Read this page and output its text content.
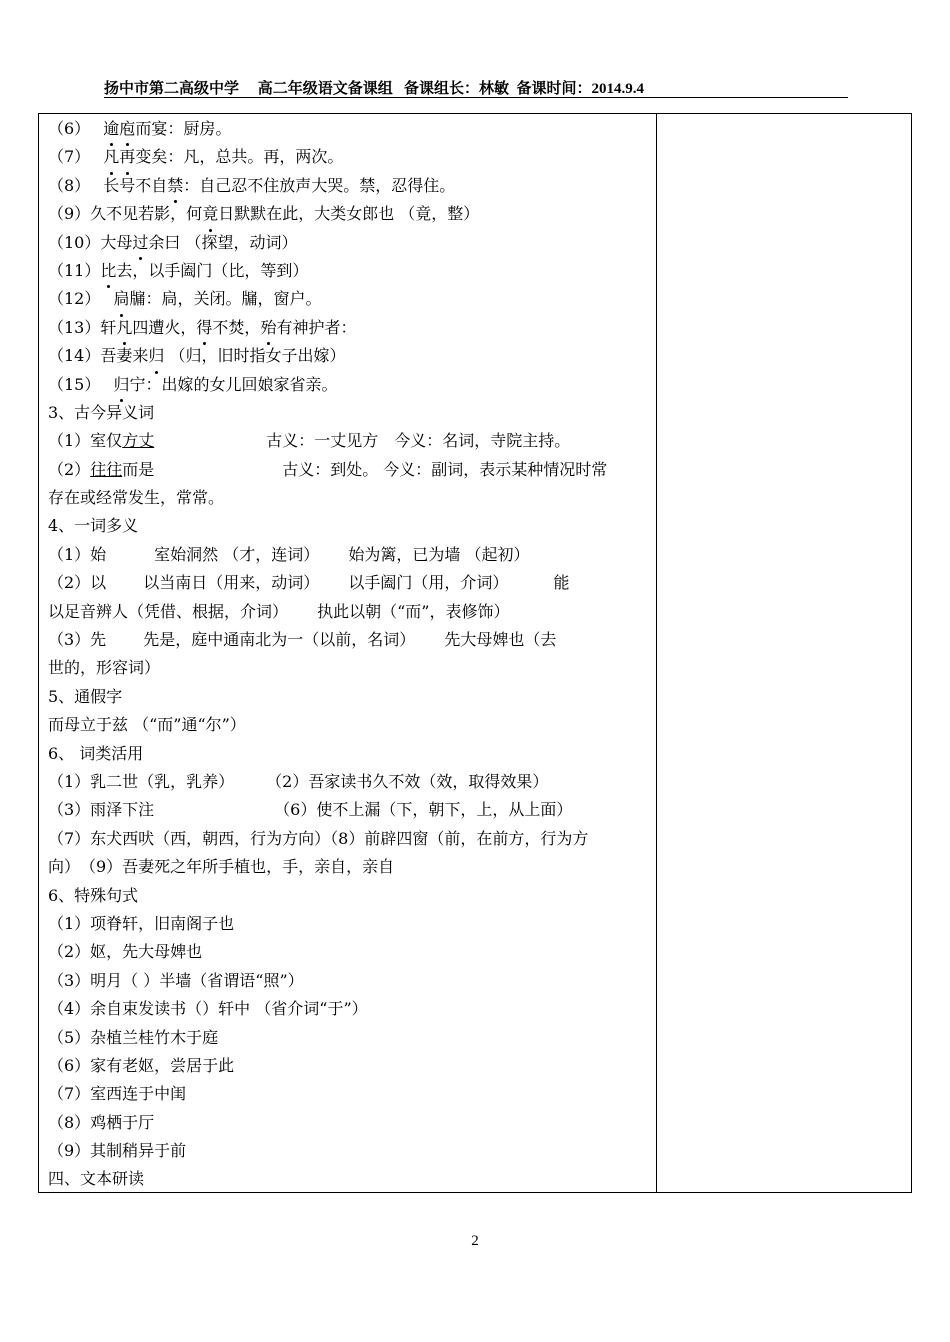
扬中市第二高级中学 高二年级语文备课组 备课组长：林敏 备课时间：2014.9.4
（6）　 逾庖而宴：厨房。
（7）　 凡再变矣：凡，总共。再，两次。
（8）　 长号不自禁：自己忍不住放声大哭。禁，忍得住。
（9）久不见若影，何竟日默默在此，大类女郎也 （竟，整）
（10）大母过余曰 （探望，动词）
（11）比去，以手阖门（比，等到）
（12）　 扃牖：扃，关闭。牖，窗户。
（13）轩凡四遭火，得不焚，殆有神护者：
（14）吾妻来归 （归，旧时指女子出嫁）
（15）　 归宁：出嫁的女儿回娘家省亲。
3、古今异义词
（1）室仅方丈　　　　　　　古义：一丈见方　今义：名词，寺院主持。
（2）往往而是　　　　　　　　古义：到处。 今义：副词，表示某种情况时常
存在或经常发生，常常。
4、一词多义
（1）始　　　室始洞然 （才，连词）　　 始为篱，已为墙 （起初）
（2）以　　 以当南日（用来，动词）　　 以手阖门（用，介词）　　　 能
以足音辨人（凭借、根据，介词）　　 执此以朝（“而”，表修饰）
（3）先　　 先是，庭中通南北为一（以前，名词）　　 先大母婢也（去
世的，形容词）
5、通假字
而母立于兹 （“而”通“尔”）
6、 词类活用
（1）乳二世（乳，乳养）　　　（2）吾家读书久不效（效，取得效果）
（3）雨泽下注　　　　　　　　（6）使不上漏（下，朝下，上，从上面）
（7）东犬西吠（西，朝西，行为方向）（8）前辟四窗（前，在前方，行为方
向）　（9）吾妻死之年所手植也，手，亲自，亲自
6、特殊句式
（1）项脊轩，旧南阁子也
（2）妪，先大母婢也
（3）明月（ ）半墙（省谓语“照”）
（4）余自束发读书（）轩中 （省介词“于”）
（5）杂植兰桂竹木于庭
（6）家有老妪，尝居于此
（7）室西连于中闺
（8）鸡栖于厅
（9）其制稍异于前
四、文本研读
2
